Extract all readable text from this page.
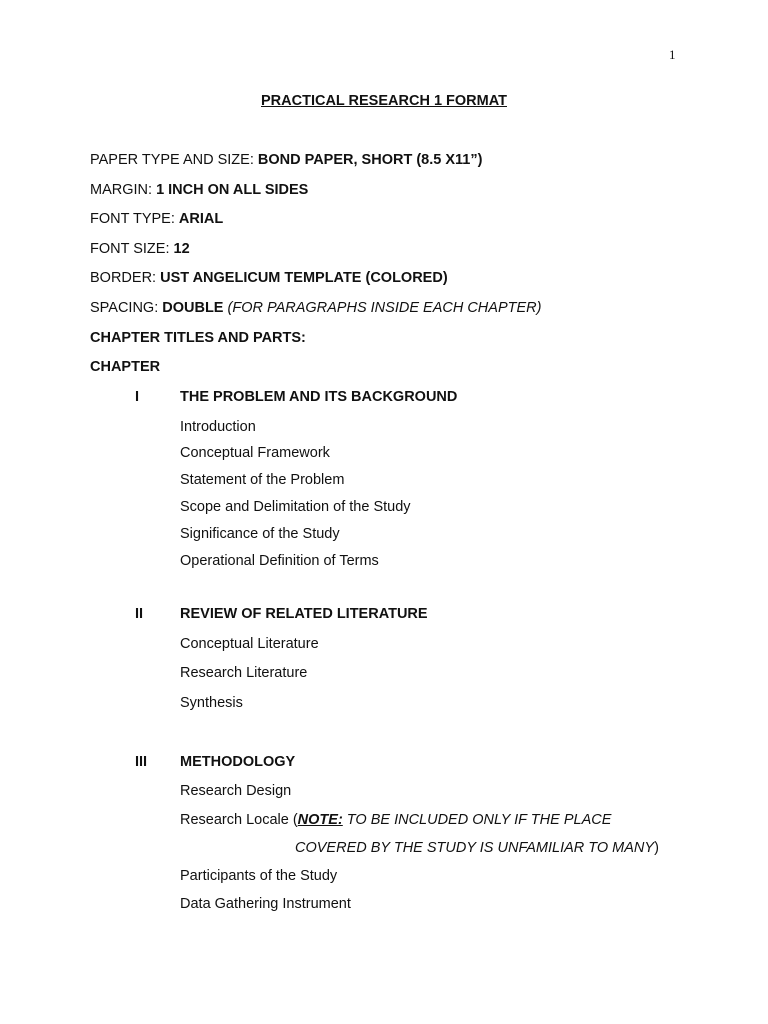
1
PRACTICAL RESEARCH 1 FORMAT
PAPER TYPE AND SIZE: BOND PAPER, SHORT (8.5 X11”)
MARGIN: 1 INCH ON ALL SIDES
FONT TYPE: ARIAL
FONT SIZE: 12
BORDER: UST ANGELICUM TEMPLATE (COLORED)
SPACING: DOUBLE (FOR PARAGRAPHS INSIDE EACH CHAPTER)
CHAPTER TITLES AND PARTS:
CHAPTER
I	THE PROBLEM AND ITS BACKGROUND
Introduction
Conceptual Framework
Statement of the Problem
Scope and Delimitation of the Study
Significance of the Study
Operational Definition of Terms
II	REVIEW OF RELATED LITERATURE
Conceptual Literature
Research Literature
Synthesis
III METHODOLOGY
Research Design
Research Locale (NOTE: TO BE INCLUDED ONLY IF THE PLACE
COVERED BY THE STUDY IS UNFAMILIAR TO MANY)
Participants of the Study
Data Gathering Instrument
